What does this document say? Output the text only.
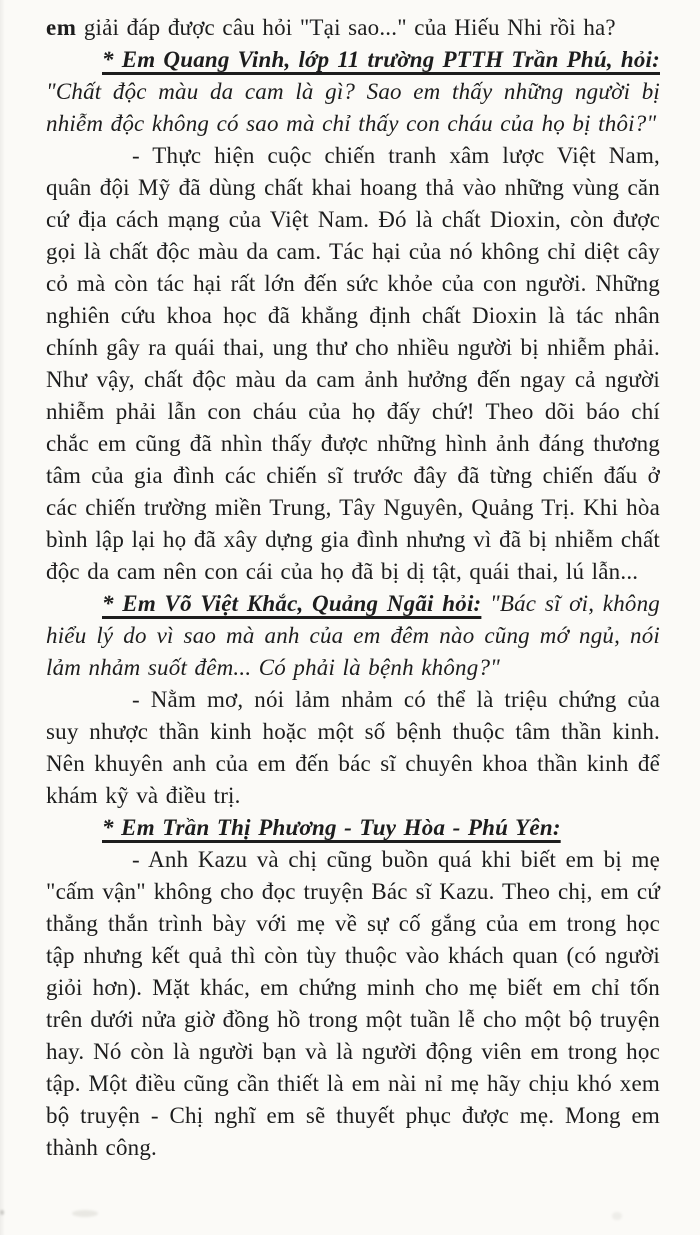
em giải đáp được câu hỏi "Tại sao..." của Hiếu Nhi rồi ha?

* Em Quang Vinh, lớp 11 trường PTTH Trần Phú, hỏi: "Chất độc màu da cam là gì? Sao em thấy những người bị nhiễm độc không có sao mà chỉ thấy con cháu của họ bị thôi?"

- Thực hiện cuộc chiến tranh xâm lược Việt Nam, quân đội Mỹ đã dùng chất khai hoang thả vào những vùng căn cứ địa cách mạng của Việt Nam. Đó là chất Dioxin, còn được gọi là chất độc màu da cam. Tác hại của nó không chỉ diệt cây cỏ mà còn tác hại rất lớn đến sức khỏe của con người. Những nghiên cứu khoa học đã khẳng định chất Dioxin là tác nhân chính gây ra quái thai, ung thư cho nhiều người bị nhiễm phải. Như vậy, chất độc màu da cam ảnh hưởng đến ngay cả người nhiễm phải lẫn con cháu của họ đấy chứ! Theo dõi báo chí chắc em cũng đã nhìn thấy được những hình ảnh đáng thương tâm của gia đình các chiến sĩ trước đây đã từng chiến đấu ở các chiến trường miền Trung, Tây Nguyên, Quảng Trị. Khi hòa bình lập lại họ đã xây dựng gia đình nhưng vì đã bị nhiễm chất độc da cam nên con cái của họ đã bị dị tật, quái thai, lú lẫn...

* Em Võ Việt Khắc, Quảng Ngãi hỏi: "Bác sĩ ơi, không hiểu lý do vì sao mà anh của em đêm nào cũng mớ ngủ, nói lảm nhảm suốt đêm... Có phải là bệnh không?"

- Nằm mơ, nói lảm nhảm có thể là triệu chứng của suy nhược thần kinh hoặc một số bệnh thuộc tâm thần kinh. Nên khuyên anh của em đến bác sĩ chuyên khoa thần kinh để khám kỹ và điều trị.

* Em Trần Thị Phương - Tuy Hòa - Phú Yên:

- Anh Kazu và chị cũng buồn quá khi biết em bị mẹ "cấm vận" không cho đọc truyện Bác sĩ Kazu. Theo chị, em cứ thẳng thắn trình bày với mẹ về sự cố gắng của em trong học tập nhưng kết quả thì còn tùy thuộc vào khách quan (có người giỏi hơn). Mặt khác, em chứng minh cho mẹ biết em chỉ tốn trên dưới nửa giờ đồng hồ trong một tuần lễ cho một bộ truyện hay. Nó còn là người bạn và là người động viên em trong học tập. Một điều cũng cần thiết là em nài nỉ mẹ hãy chịu khó xem bộ truyện - Chị nghĩ em sẽ thuyết phục được mẹ. Mong em thành công.
